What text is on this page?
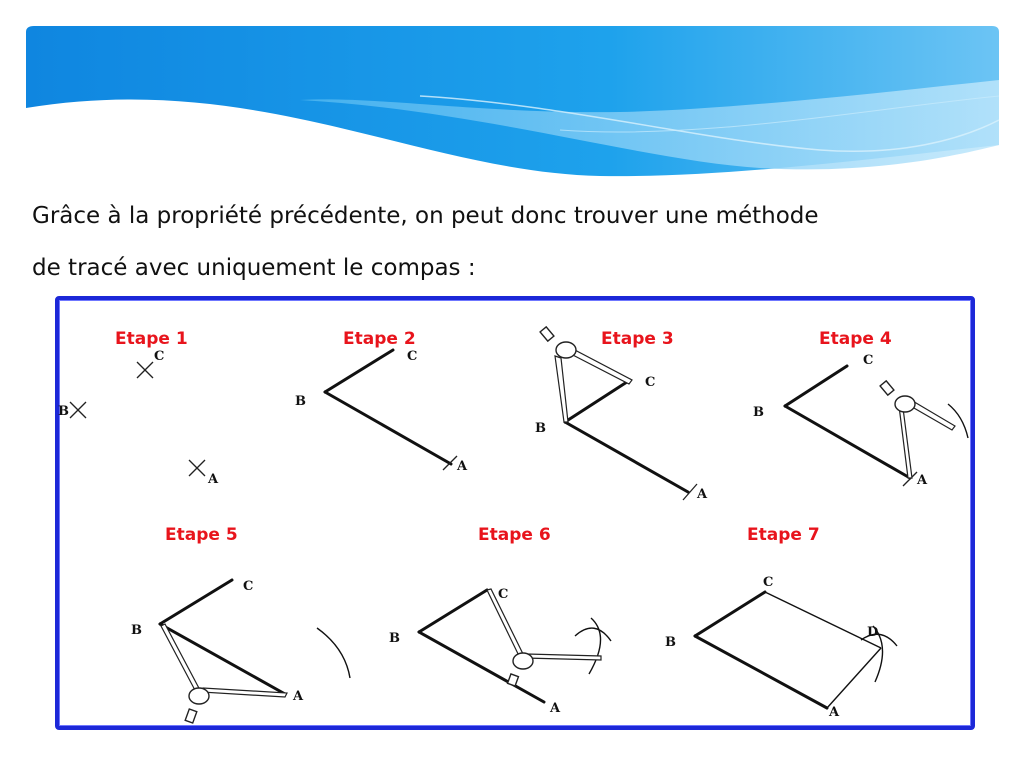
Grâce à la propriété précédente, on peut donc trouver une méthode
de tracé avec uniquement le compas :

Etape 1
C
B
A
Etape 2
C
B
A
Etape 3
C
B
A
Etape 4
C
B
A
Etape 5
C
B
A
Etape 6
C
B
A
Etape 7
C
B
A
D
